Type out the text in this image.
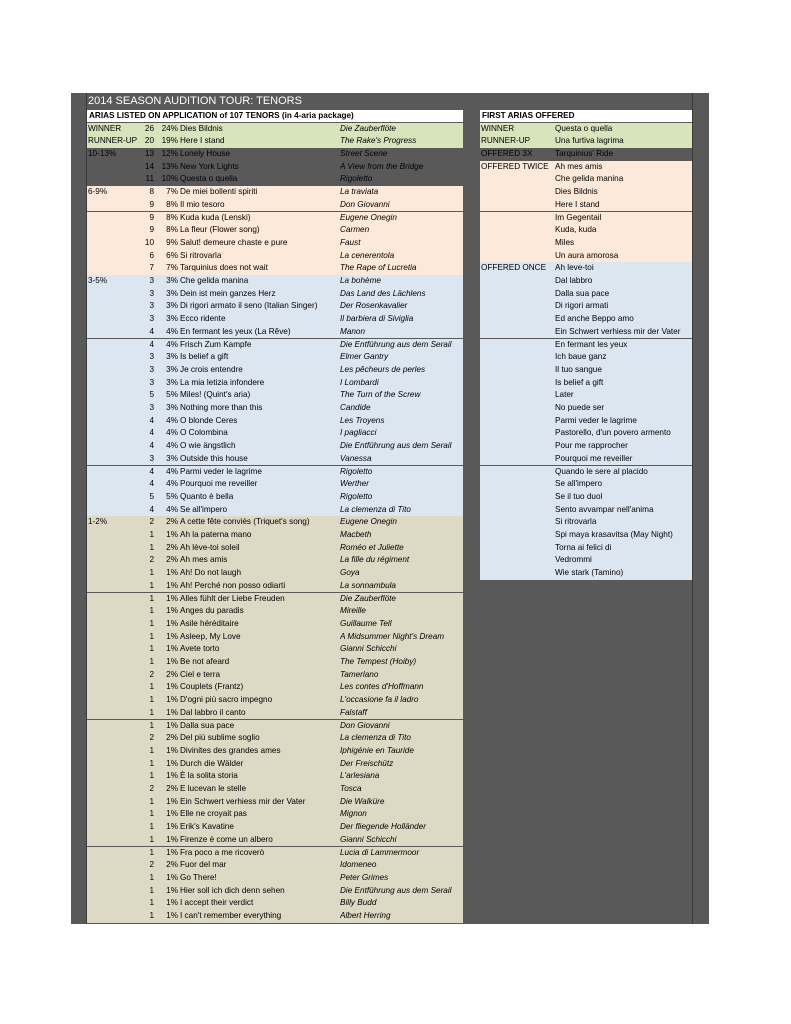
2014 SEASON AUDITION TOUR: TENORS
ARIAS LISTED ON APPLICATION of 107 TENORS (in 4-aria package)	FIRST ARIAS OFFERED
WINNER	26 24% Dies Bildnis	Die Zauberflöte
RUNNER-UP 20 19% Here I stand	The Rake's Progress
10-13%	13 12% Lonely House	Street Scene
14 13% New York Lights	A View from the Bridge
11 10% Questa o quella	Rigoletto
6-9%	8	7% De miei bollenti spiriti	La traviata
9	8% Il mio tesoro	Don Giovanni
9	8% Kuda kuda (Lenski)	Eugene Onegin
9	8% La fleur (Flower song)	Carmen
10	9% Salut! demeure chaste e pure	Faust
6	6% Si ritrovarla	La cenerentola
7	7% Tarquinius does not wait	The Rape of Lucretia
3-5%	3	3% Che gelida manina	La bohème
3	3% Dein ist mein ganzes Herz	Das Land des Lächlens
3	3% Di rigori armato il seno (Italian Singer)	Der Rosenkavalier
3	3% Ecco ridente	Il barbiera di Siviglia
4	4% En fermant les yeux (La Rêve)	Manon
4	4% Frisch Zum Kampfe	Die Entführung aus dem Serail
3	3% Is belief a gift	Elmer Gantry
3	3% Je crois entendre	Les pêcheurs de perles
3	3% La mia letizia infondere	I Lombardi
5	5% Miles! (Quint's aria)	The Turn of the Screw
3	3% Nothing more than this	Candide
4	4% O blonde Ceres	Les Troyens
4	4% O Colombina	I pagliacci
4	4% O wie ängstlich	Die Entführung aus dem Serail
3	3% Outside this house	Vanessa
4	4% Parmi veder le lagrime	Rigoletto
4	4% Pourquoi me reveiller	Werther
5	5% Quanto è bella	Rigoletto
4	4% Se all'impero	La clemenza di Tito
1-2%	2	2% A cette fête conviés (Triquet's song)	Eugene Onegin
1	1% Ah la paterna mano	Macbeth
1	2% Ah lève-toi soleil	Roméo et Juliette
2	2% Ah mes amis	La fille du régiment
1	1% Ah! Do not laugh	Goya
1	1% Ah! Perché non posso odiarti	La sonnambula
1	1% Alles fühlt der Liebe Freuden	Die Zauberflöte
1	1% Anges du paradis	Mireille
1	1% Asile héréditaire	Guillaume Tell
1	1% Asleep, My Love	A Midsummer Night's Dream
1	1% Avete torto	Gianni Schicchi
1	1% Be not afeard	The Tempest (Hoiby)
2	2% Ciel e terra	Tamerlano
1	1% Couplets (Frantz)	Les contes d'Hoffmann
1	1% D'ogni più sacro impegno	L'occasione fa il ladro
1	1% Dal labbro il canto	Falstaff
1	1% Dalla sua pace	Don Giovanni
2	2% Del più sublime soglio	La clemenza di Tito
1	1% Divinites des grandes ames	Iphigénie en Tauride
1	1% Durch die Wälder	Der Freischütz
1	1% È la solita storia	L'arlesiana
2	2% E lucevan le stelle	Tosca
1	1% Ein Schwert verhiess mir der Vater	Die Walküre
1	1% Elle ne croyait pas	Mignon
1	1% Erik's Kavatine	Der fliegende Holländer
1	1% Firenze è come un albero	Gianni Schicchi
1	1% Fra poco a me ricoverò	Lucia di Lammermoor
2	2% Fuor del mar	Idomeneo
1	1% Go There!	Peter Grimes
1	1% Hier soll ich dich denn sehen	Die Entführung aus dem Serail
1	1% I accept their verdict	Billy Budd
1	1% I can't remember everything	Albert Herring
WINNER	Questa o quella
RUNNER-UP	Una furtiva lagrima
OFFERED 3X	Tarquinius' Ride
OFFERED TWICE Ah mes amis
Che gelida manina
Dies Bildnis
Here I stand
Im Gegentail
Kuda, kuda
Miles
Un aura amorosa
OFFERED ONCE Ah leve-toi
Dal labbro
Dalla sua pace
Di rigori armati
Ed anche Beppo amo
Ein Schwert verhiess mir der Vater
En fermant les yeux
Ich baue ganz
Il tuo sangue
Is belief a gift
Later
No puede ser
Parmi veder le lagrime
Pastorello, d'un povero armento
Pour me rapprocher
Pourquoi me reveiller
Quando le sere al placido
Se all'impero
Se il tuo duol
Sento avvampar nell'anima
Si ritrovarla
Spi maya krasavitsa (May Night)
Torna ai felici di
Vedrommi
Wie stark (Tamino)
